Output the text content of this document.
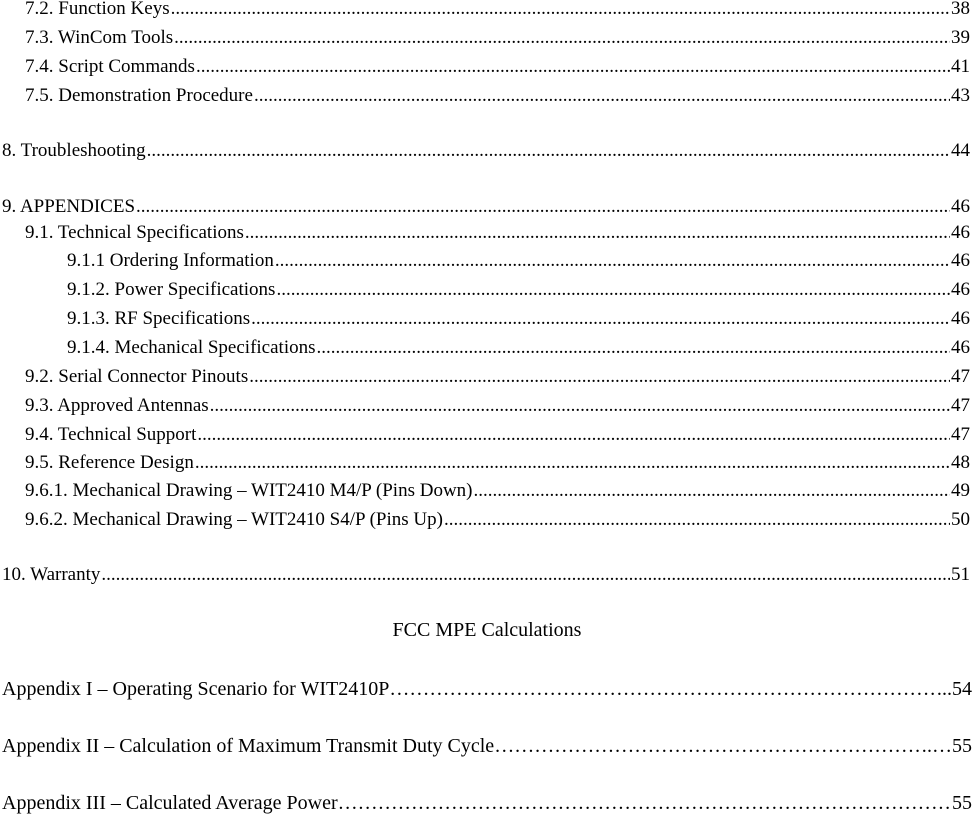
7.2. Function Keys .....	38
7.3. WinCom Tools .....	39
7.4. Script Commands .....	41
7.5. Demonstration Procedure .....	43
8. Troubleshooting .....	44
9. APPENDICES .....	46
9.1. Technical Specifications .....	46
9.1.1 Ordering Information .....	46
9.1.2. Power Specifications .....	46
9.1.3. RF Specifications .....	46
9.1.4. Mechanical Specifications .....	46
9.2. Serial Connector Pinouts .....	47
9.3. Approved Antennas .....	47
9.4. Technical Support .....	47
9.5. Reference Design .....	48
9.6.1. Mechanical Drawing – WIT2410 M4/P (Pins Down) .....	49
9.6.2. Mechanical Drawing – WIT2410 S4/P (Pins Up) .....	50
10. Warranty .....	51
FCC MPE Calculations
Appendix I – Operating Scenario for WIT2410P ……………………………………………………………………………………………………………………………………………………………	..54
Appendix II – Calculation of Maximum Transmit Duty Cycle ……………………………………………………………………………………………………………………………………………………………	.…55
Appendix III – Calculated Average Power ……………………………………………………………………………………………………………………………………………………………	55
